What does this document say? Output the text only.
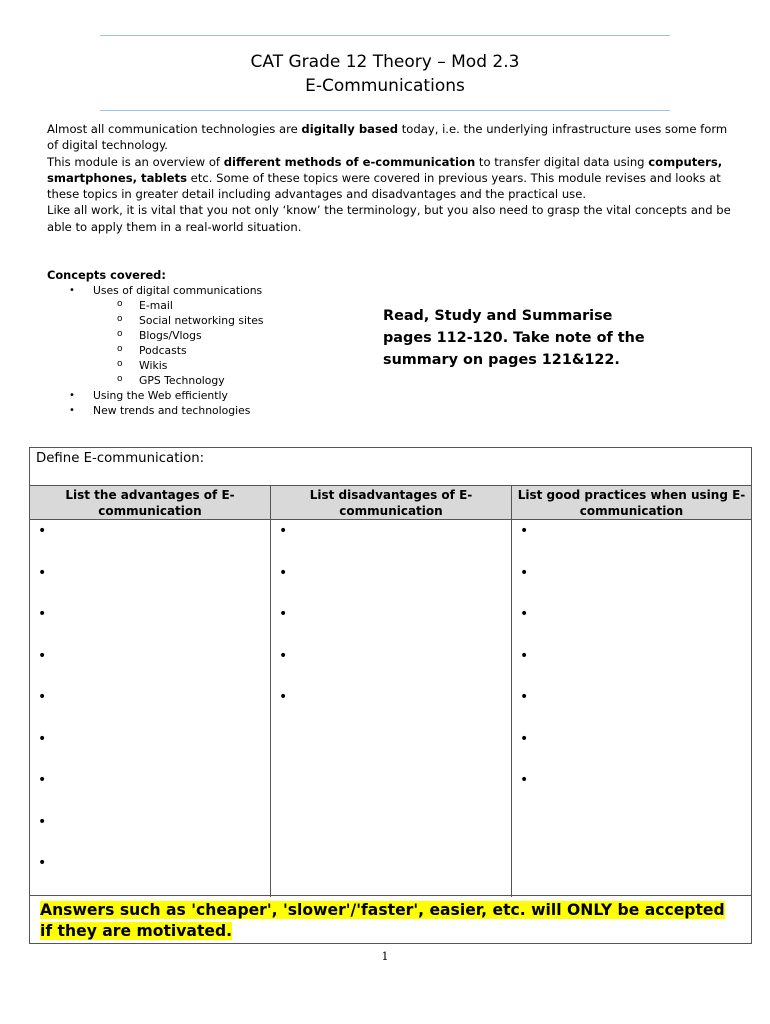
CAT Grade 12 Theory – Mod 2.3
E-Communications

Almost all communication technologies are digitally based today, i.e. the underlying infrastructure uses some form of digital technology.

This module is an overview of different methods of e-communication to transfer digital data using computers, smartphones, tablets etc. Some of these topics were covered in previous years. This module revises and looks at these topics in greater detail including advantages and disadvantages and the practical use.

Like all work, it is vital that you not only ‘know’ the terminology, but you also need to grasp the vital concepts and be able to apply them in a real-world situation.

Concepts covered:
• Uses of digital communications
o E-mail
o Social networking sites
o Blogs/Vlogs
o Podcasts
o Wikis
o GPS Technology
• Using the Web efficiently
• New trends and technologies
Read, Study and Summarise pages 112-120. Take note of the summary on pages 121&122.
Define E-communication:
List the advantages of E-communication
•
•
•
•
•
•
•
•
•
List disadvantages of E-communication
•
•
•
•
•
List good practices when using E-communication
•
•
•
•
•
•
•
Answers such as 'cheaper', 'slower'/'faster', easier, etc. will ONLY be accepted if they are motivated.
1
